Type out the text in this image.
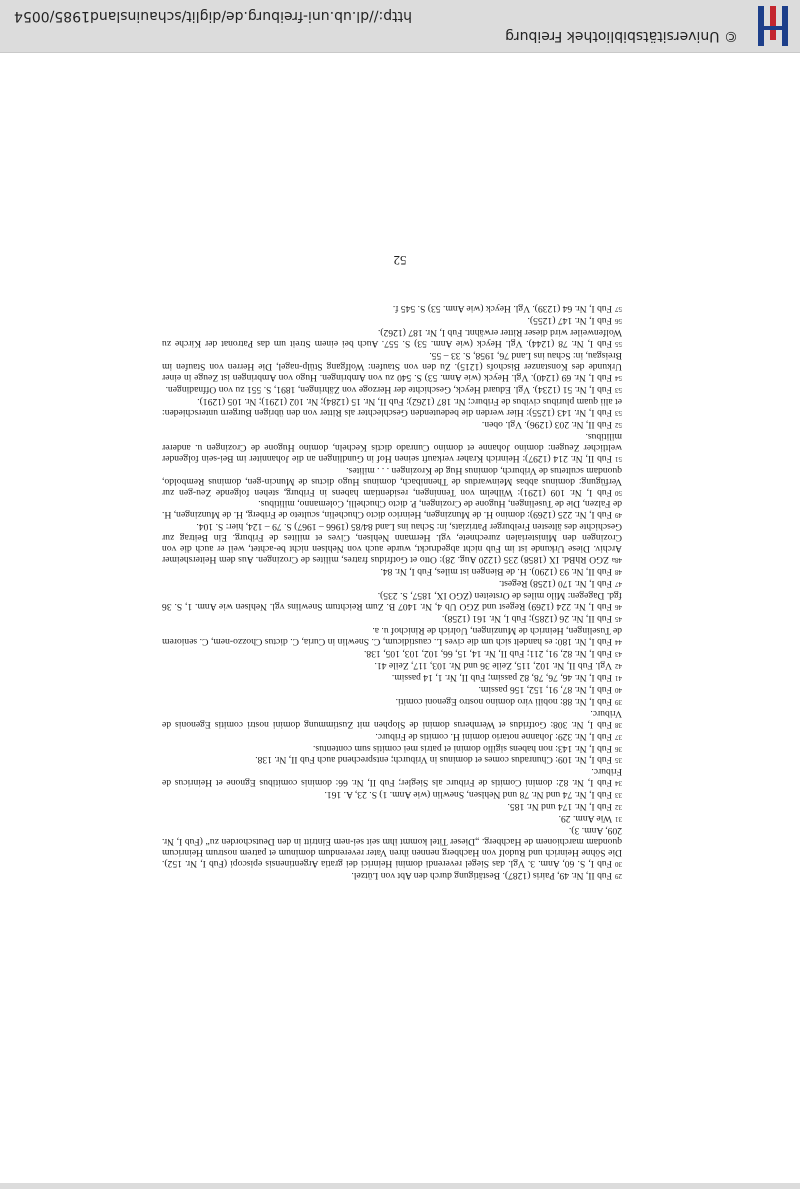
29Fub II, Nr. 49, Pairis (1287). Bestätigung durch den Abt von Lützel.

30Fub I, S. 60, Anm. 3. Vgl. das Siegel reverendi domini Heinrici dei gratia Argentinensis episcopi (Fub I, Nr. 152). Die Söhne Heinrich und Rudolf von Hachberg nennen ihren Vater reverendum dominum et patrem nostrum Heinricum quondam marchionem de Hachberg. „Dieser Titel kommt ihm seit sei-nem Eintritt in den Deutschorden zu“ (Fub I, Nr. 209, Anm. 3).

31Wie Anm. 29.

32Fub I, Nr. 174 und Nr. 185.

33Fub I, Nr. 74 und Nr. 78 und Nehlsen, Snewlin (wie Anm. 1) S. 23, A. 161.

34Fub I, Nr. 82: domini Comitis de Friburc als Siegler; Fub II, Nr. 66: dominis comitibus Egnone et Heinricus de Friburc.

35Fub I, Nr. 109: Chunradus comes et dominus in Vriburch; entsprechend auch Fub II, Nr. 138.

36Fub I, Nr. 143: non habens sigillo domini et patris mei comitis sum contentus.

37Fub I, Nr. 329: Johanne notario domini H. comitis de Friburc.

38Fub I, Nr. 308: Gotfridus et Wernherus domini de Slophen mit Zustimmung domini nostri comitis Egenonis de Vriburc.

39Fub I, Nr. 88: nobili viro domino nostro Egenoni comiti.

40Fub I, Nr. 87, 91, 152, 156 passim.

41Fub I, Nr. 46, 76, 78, 82 passim; Fub II, Nr. 1, 14 passim.

42Vgl. Fub II, Nr. 102, 115, Zeile 36 und Nr. 103, 117, Zeile 41.

43Fub I, Nr. 82, 91, 211; Fub II, Nr. 14, 15, 66, 102, 103, 105, 138.

44Fub I, Nr. 180: es handelt sich um die cives L. caustidicum, C. Snewlin in Curia, C. dictus Chozzo-nem, C. seniorem de Tuselingen, Heinrich de Munzingen, Uolrich de Rinichof u. a.

45Fub II, Nr. 26 (1285); Fub I, Nr. 161 (1258).

46Fub I, Nr. 224 (1269) Regest und ZGO Ub 4, Nr. 1407 B. Zum Reichtum Snewlins vgl. Nehlsen wie Anm. 1, S. 36 fgd. Dagegen: Milo miles de Orsteiten (ZGO IX, 1857, S. 235).

47Fub I, Nr. 170 (1258) Regest.

48Fub II, Nr. 93 (1290). H. de Biengen ist miles, Fub I, Nr. 84.

48aZGO RhBd. IX (1858) 235 (1220 Aug. 28): Otto et Gotfridus fratres, milites de Crozingen. Aus dem Heitersheimer Archiv. Diese Urkunde ist im Fub nicht abgedruckt, wurde auch von Nehlsen nicht be-achtet, weil er auch die von Crozingen den Ministerialen zurechnete, vgl. Hermann Nehlsen, Cives et milites de Friburg. Ein Beitrag zur Geschichte des ältesten Freiburger Patriziats, in: Schau ins Land 84/85 (1966 – 1967) S. 79 – 124, hier: S. 104.

49Fub I, Nr. 225 (1269): domino H. de Munzingen, Heinrico dicto Chuchelin, sculteto de Friberg, H. de Munzingen, H. de Falzen, Die de Tuselingen, Hugone de Crozingen, P. dicto Chuchelli, Colemanno, militibus.

50Fub I, Nr. 109 (1291): Wilhelm von Tenningen, residentiam habens in Friburg, stehen folgende Zeu-gen zur Verfügung: dominus abbas Meinwardus de Thennibach, dominus Hugo dictus de Muncin-gen, dominus Remboldo, quondam scultetus de Vriburch, dominus Hug de Krozingen . . . milites.

51Fub II, Nr. 214 (1297): Heinrich Kraher verkauft seinen Hof in Gundlingen an die Johanniter im Bei-sein folgender weltlicher Zeugen: domino Johanne et domino Cunrado dictis Kecheln, domino Hugone de Crozingen u. anderer militibus.

52Fub II, Nr. 203 (1296). Vgl. oben.

53Fub I, Nr. 143 (1255): Hier werden die bedeutenden Geschlechter als Ritter von den übrigen Burgern unterschieden: et alii quam pluribus civibus de Friburc; Nr. 187 (1262); Fub II, Nr. 15 (1284); Nr. 102 (1291); Nr. 105 (1291).

53Fub I, Nr. 51 (1234). Vgl. Eduard Heyck, Geschichte der Herzoge von Zähringen, 1891, S. 551 zu von Offnadingen.

54Fub I, Nr. 69 (1240). Vgl. Heyck (wie Anm. 53) S. 540 zu von Ambringen. Hugo von Ambringen ist Zeuge in einer Urkunde des Konstanzer Bischofs (1215). Zu den von Staufen: Wolfgang Stülp-nagel, Die Herren von Staufen im Breisgau, in: Schau ins Land 76, 1958, S. 33 – 55.

55Fub I, Nr. 78 (1244). Vgl. Heyck (wie Anm. 53) S. 557. Auch bei einem Streit um das Patronat der Kirche zu Wolfenweiler wird dieser Ritter erwähnt. Fub I, Nr. 187 (1262).

56Fub I, Nr. 147 (1255).

57Fub I, Nr. 64 (1239). Vgl. Heyck (wie Anm. 53) S. 545 f.

52
© Universitätsbibliothek Freiburg
http://dl.ub.uni-freiburg.de/diglit/schauinsland1985/0054
